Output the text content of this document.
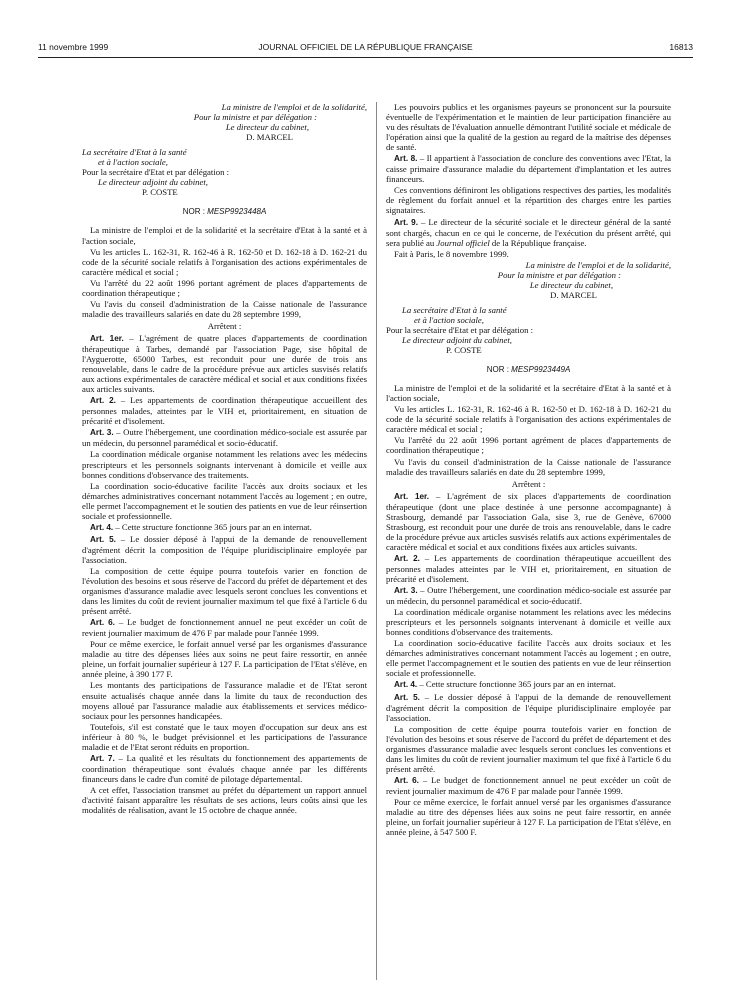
11 novembre 1999	JOURNAL OFFICIEL DE LA RÉPUBLIQUE FRANÇAISE	16813
La ministre de l'emploi et de la solidarité,
Pour la ministre et par délégation :
Le directeur du cabinet,
D. MARCEL
La secrétaire d'Etat à la santé
et à l'action sociale,
Pour la secrétaire d'Etat et par délégation :
Le directeur adjoint du cabinet,
P. COSTE
NOR : MESP9923448A

La ministre de l'emploi et de la solidarité et la secrétaire d'Etat à la santé et à l'action sociale,

Vu les articles L. 162-31, R. 162-46 à R. 162-50 et D. 162-18 à D. 162-21 du code de la sécurité sociale relatifs à l'organisation des actions expérimentales de caractère médical et social ;

Vu l'arrêté du 22 août 1996 portant agrément de places d'appartements de coordination thérapeutique ;

Vu l'avis du conseil d'administration de la Caisse nationale de l'assurance maladie des travailleurs salariés en date du 28 septembre 1999,

Arrêtent :

Art. 1er. – L'agrément de quatre places d'appartements de coordination thérapeutique à Tarbes, demandé par l'association Page, sise hôpital de l'Ayguerotte, 65000 Tarbes, est reconduit pour une durée de trois ans renouvelable, dans le cadre de la procédure prévue aux articles susvisés relatifs aux actions expérimentales de caractère médical et social et aux conditions fixées aux articles suivants.

Art. 2. – Les appartements de coordination thérapeutique accueillent des personnes malades, atteintes par le VIH et, prioritairement, en situation de précarité et d'isolement.

Art. 3. – Outre l'hébergement, une coordination médico-sociale est assurée par un médecin, du personnel paramédical et socio-éducatif.

La coordination médicale organise notamment les relations avec les médecins prescripteurs et les personnels soignants intervenant à domicile et veille aux bonnes conditions d'observance des traitements.

La coordination socio-éducative facilite l'accès aux droits sociaux et les démarches administratives concernant notamment l'accès au logement ; en outre, elle permet l'accompagnement et le soutien des patients en vue de leur réinsertion sociale et professionnelle.

Art. 4. – Cette structure fonctionne 365 jours par an en internat.

Art. 5. – Le dossier déposé à l'appui de la demande de renouvellement d'agrément décrit la composition de l'équipe pluridisciplinaire employée par l'association.

La composition de cette équipe pourra toutefois varier en fonction de l'évolution des besoins et sous réserve de l'accord du préfet de département et des organismes d'assurance maladie avec lesquels seront conclues les conventions et dans les limites du coût de revient journalier maximum tel que fixé à l'article 6 du présent arrêté.

Art. 6. – Le budget de fonctionnement annuel ne peut excéder un coût de revient journalier maximum de 476 F par malade pour l'année 1999.

Pour ce même exercice, le forfait annuel versé par les organismes d'assurance maladie au titre des dépenses liées aux soins ne peut faire ressortir, en année pleine, un forfait journalier supérieur à 127 F. La participation de l'Etat s'élève, en année pleine, à 390 177 F.

Les montants des participations de l'assurance maladie et de l'Etat seront ensuite actualisés chaque année dans la limite du taux de reconduction des moyens alloué par l'assurance maladie aux établissements et services médico-sociaux pour les personnes handicapées.

Toutefois, s'il est constaté que le taux moyen d'occupation sur deux ans est inférieur à 80 %, le budget prévisionnel et les participations de l'assurance maladie et de l'Etat seront réduits en proportion.

Art. 7. – La qualité et les résultats du fonctionnement des appartements de coordination thérapeutique sont évalués chaque année par les différents financeurs dans le cadre d'un comité de pilotage départemental.

A cet effet, l'association transmet au préfet du département un rapport annuel d'activité faisant apparaître les résultats de ses actions, leurs coûts ainsi que les modalités de réalisation, avant le 15 octobre de chaque année.

Les pouvoirs publics et les organismes payeurs se prononcent sur la poursuite éventuelle de l'expérimentation et le maintien de leur participation financière au vu des résultats de l'évaluation annuelle démontrant l'utilité sociale et médicale de l'opération ainsi que la qualité de la gestion au regard de la maîtrise des dépenses de santé.

Art. 8. – Il appartient à l'association de conclure des conventions avec l'Etat, la caisse primaire d'assurance maladie du département d'implantation et les autres financeurs.

Ces conventions définiront les obligations respectives des parties, les modalités de règlement du forfait annuel et la répartition des charges entre les parties signataires.

Art. 9. – Le directeur de la sécurité sociale et le directeur général de la santé sont chargés, chacun en ce qui le concerne, de l'exécution du présent arrêté, qui sera publié au Journal officiel de la République française.

Fait à Paris, le 8 novembre 1999.

La ministre de l'emploi et de la solidarité,
Pour la ministre et par délégation :
Le directeur du cabinet,
D. MARCEL
La secrétaire d'Etat à la santé
et à l'action sociale,
Pour la secrétaire d'Etat et par délégation :
Le directeur adjoint du cabinet,
P. COSTE
NOR : MESP9923449A

La ministre de l'emploi et de la solidarité et la secrétaire d'Etat à la santé et à l'action sociale,

Vu les articles L. 162-31, R. 162-46 à R. 162-50 et D. 162-18 à D. 162-21 du code de la sécurité sociale relatifs à l'organisation des actions expérimentales de caractère médical et social ;

Vu l'arrêté du 22 août 1996 portant agrément de places d'appartements de coordination thérapeutique ;

Vu l'avis du conseil d'administration de la Caisse nationale de l'assurance maladie des travailleurs salariés en date du 28 septembre 1999,

Arrêtent :

Art. 1er. – L'agrément de six places d'appartements de coordination thérapeutique (dont une place destinée à une personne accompagnante) à Strasbourg, demandé par l'association Gala, sise 3, rue de Genève, 67000 Strasbourg, est reconduit pour une durée de trois ans renouvelable, dans le cadre de la procédure prévue aux articles susvisés relatifs aux actions expérimentales de caractère médical et social et aux conditions fixées aux articles suivants.

Art. 2. – Les appartements de coordination thérapeutique accueillent des personnes malades atteintes par le VIH et, prioritairement, en situation de précarité et d'isolement.

Art. 3. – Outre l'hébergement, une coordination médico-sociale est assurée par un médecin, du personnel paramédical et socio-éducatif.

La coordination médicale organise notamment les relations avec les médecins prescripteurs et les personnels soignants intervenant à domicile et veille aux bonnes conditions d'observance des traitements.

La coordination socio-éducative facilite l'accès aux droits sociaux et les démarches administratives concernant notamment l'accès au logement ; en outre, elle permet l'accompagnement et le soutien des patients en vue de leur réinsertion sociale et professionnelle.

Art. 4. – Cette structure fonctionne 365 jours par an en internat.

Art. 5. – Le dossier déposé à l'appui de la demande de renouvellement d'agrément décrit la composition de l'équipe pluridisciplinaire employée par l'association.

La composition de cette équipe pourra toutefois varier en fonction de l'évolution des besoins et sous réserve de l'accord du préfet de département et des organismes d'assurance maladie avec lesquels seront conclues les conventions et dans les limites du coût de revient journalier maximum tel que fixé à l'article 6 du présent arrêté.

Art. 6. – Le budget de fonctionnement annuel ne peut excéder un coût de revient journalier maximum de 476 F par malade pour l'année 1999.

Pour ce même exercice, le forfait annuel versé par les organismes d'assurance maladie au titre des dépenses liées aux soins ne peut faire ressortir, en année pleine, un forfait journalier supérieur à 127 F. La participation de l'Etat s'élève, en année pleine, à 547 500 F.
